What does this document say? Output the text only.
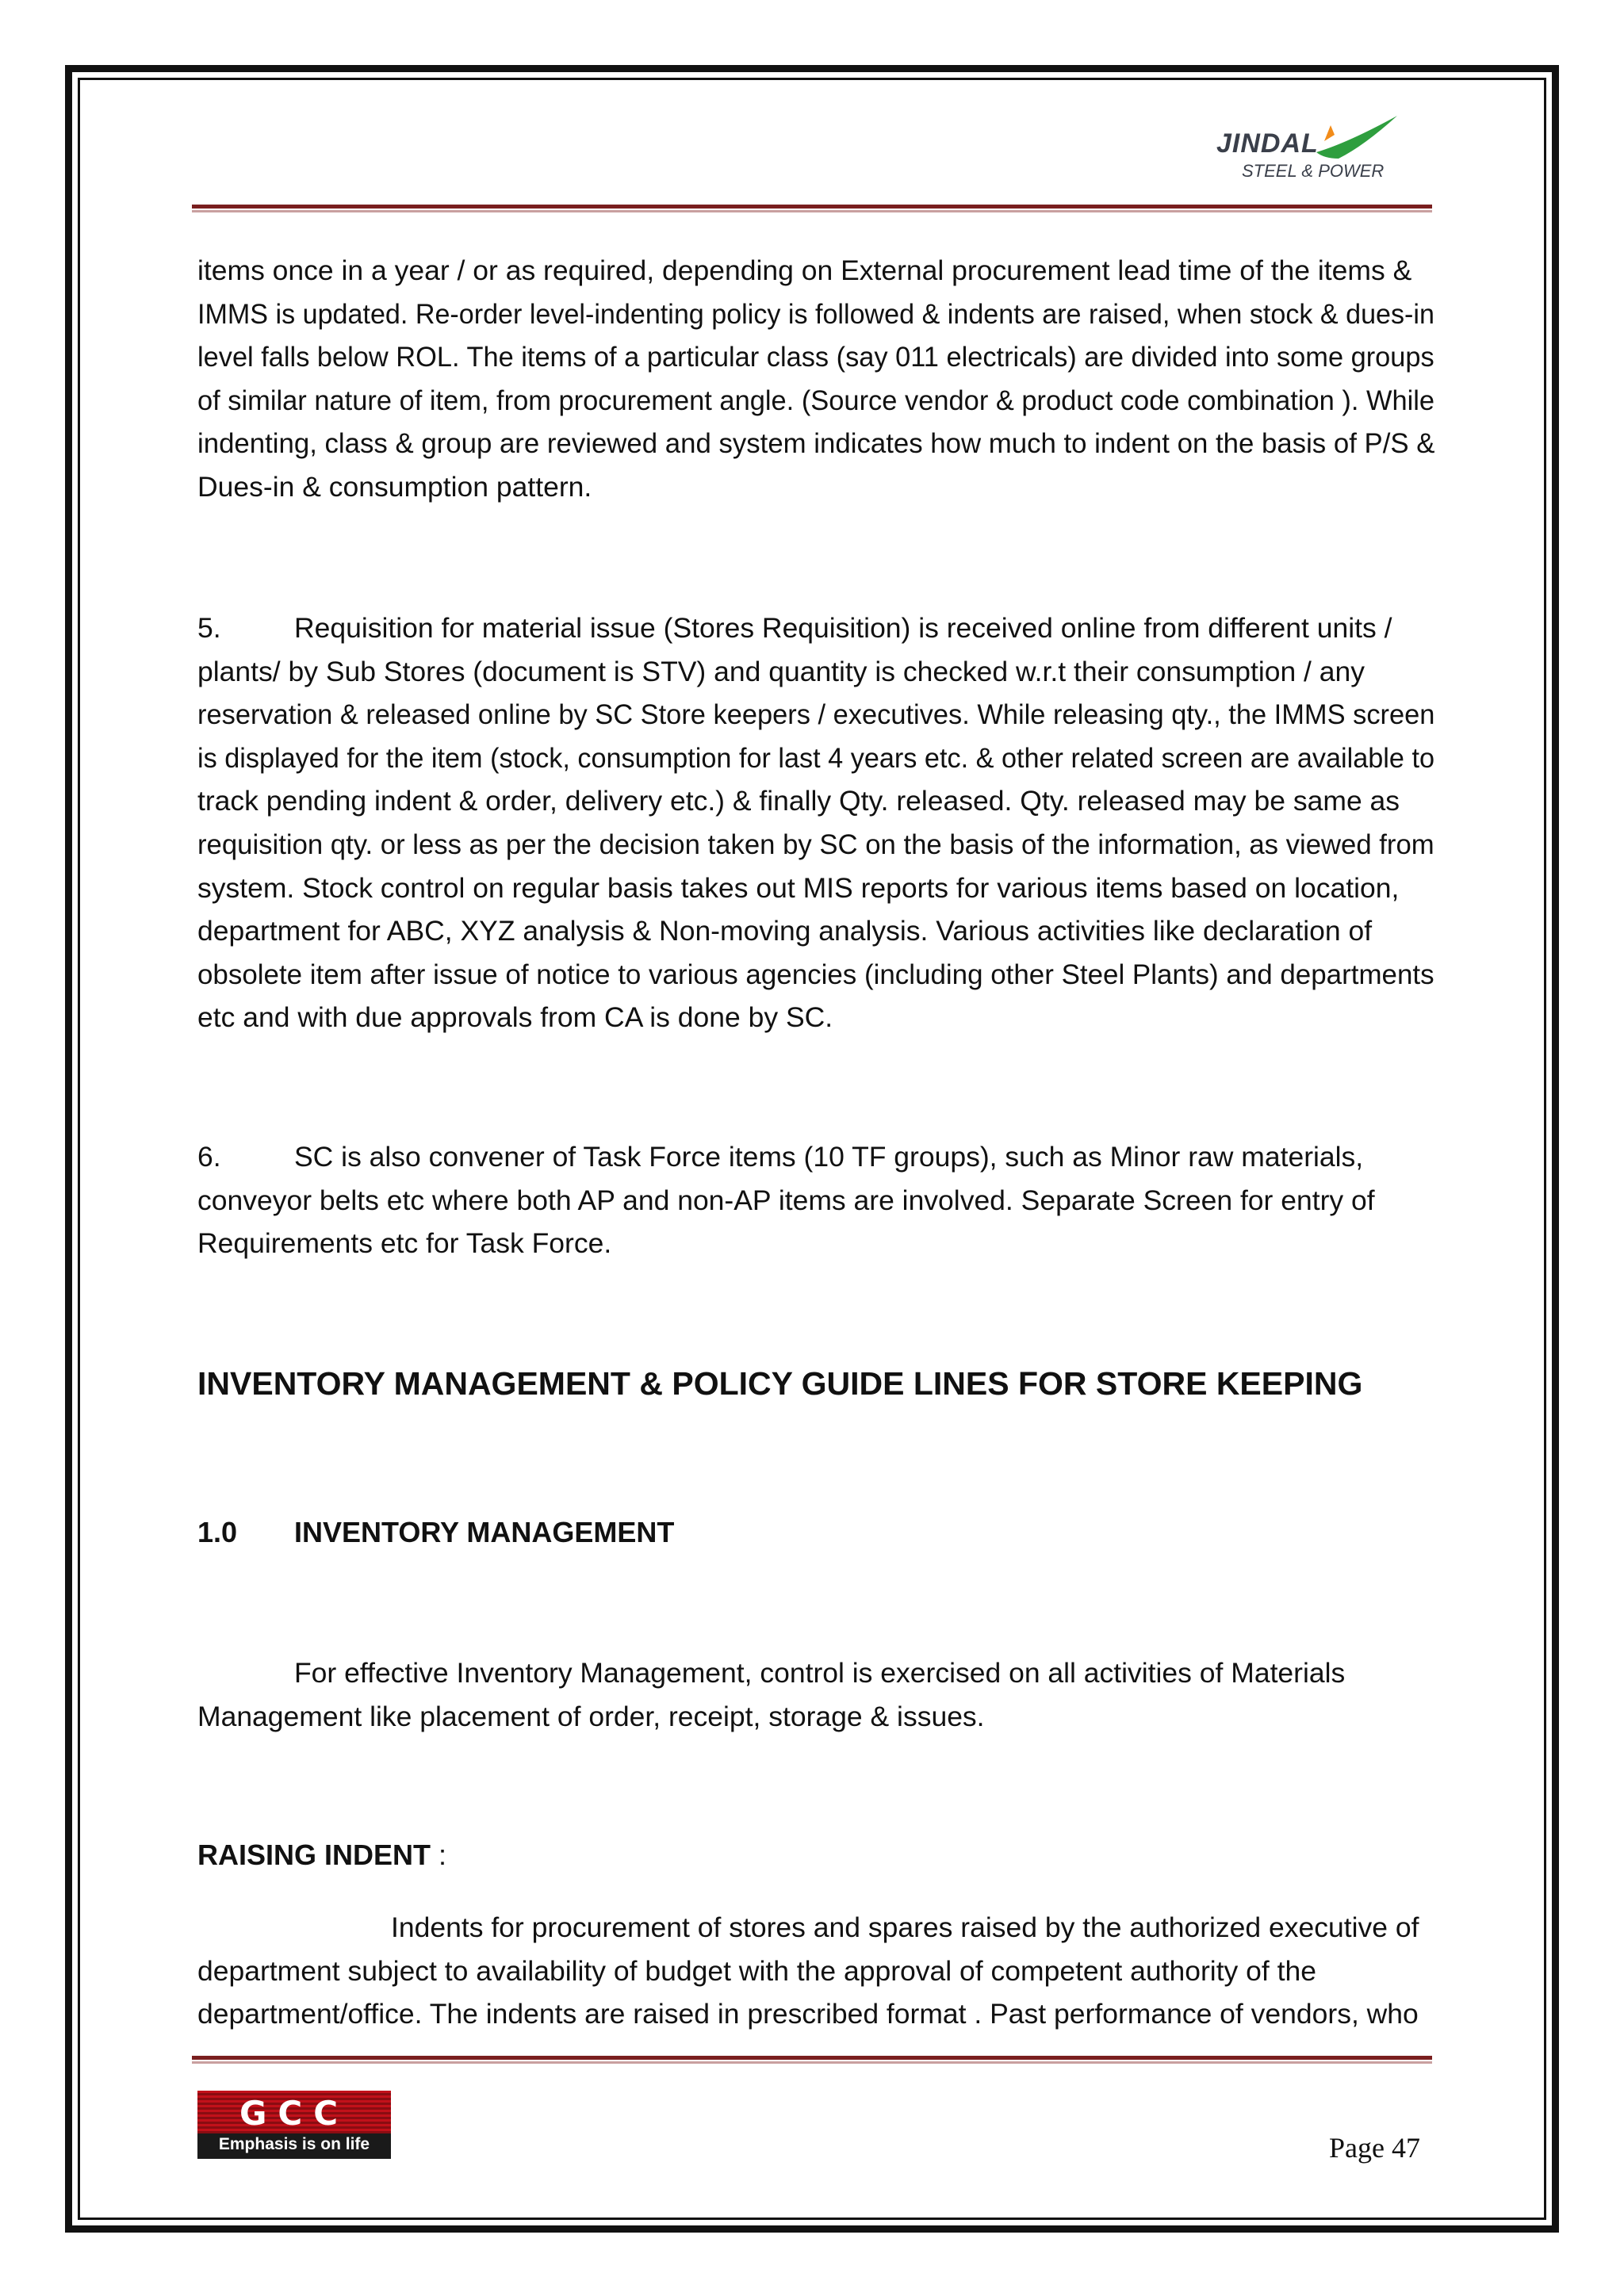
JINDAL
STEEL & POWER
items once in a year / or as required, depending on External procurement lead time of the items &
IMMS is updated. Re-order level-indenting policy is followed & indents are raised, when stock & dues-in
level falls below ROL. The items of a particular class (say 011 electricals) are divided into some groups
of similar nature of item, from procurement angle. (Source vendor & product code combination ). While
indenting, class & group are reviewed and system indicates how much to indent on the basis of P/S &
Dues-in & consumption pattern.
5.	Requisition for material issue (Stores Requisition) is received online from different units /
plants/ by Sub Stores (document is STV) and quantity is checked w.r.t their consumption / any
reservation & released online by SC Store keepers / executives. While releasing qty., the IMMS screen
is displayed for the item (stock, consumption for last 4 years etc. & other related screen are available to
track pending indent & order, delivery etc.) & finally Qty. released. Qty. released may be same as
requisition qty. or less as per the decision taken by SC on the basis of the information, as viewed from
system. Stock control on regular basis takes out MIS reports for various items based on location,
department for ABC, XYZ analysis & Non-moving analysis. Various activities like declaration of
obsolete item after issue of notice to various agencies (including other Steel Plants) and departments
etc and with due approvals from CA is done by SC.
6.	SC is also convener of Task Force items (10 TF groups), such as Minor raw materials,
conveyor belts etc where both AP and non-AP items are involved. Separate Screen for entry of
Requirements etc for Task Force.
INVENTORY MANAGEMENT & POLICY GUIDE LINES FOR STORE KEEPING
1.0 INVENTORY MANAGEMENT
For effective Inventory Management, control is exercised on all activities of Materials
Management like placement of order, receipt, storage & issues.
RAISING INDENT :
Indents for procurement of stores and spares raised by the authorized executive of
department subject to availability of budget with the approval of competent authority of the
department/office. The indents are raised in prescribed format . Past performance of vendors, who
GCC
Emphasis is on life	Page 47
